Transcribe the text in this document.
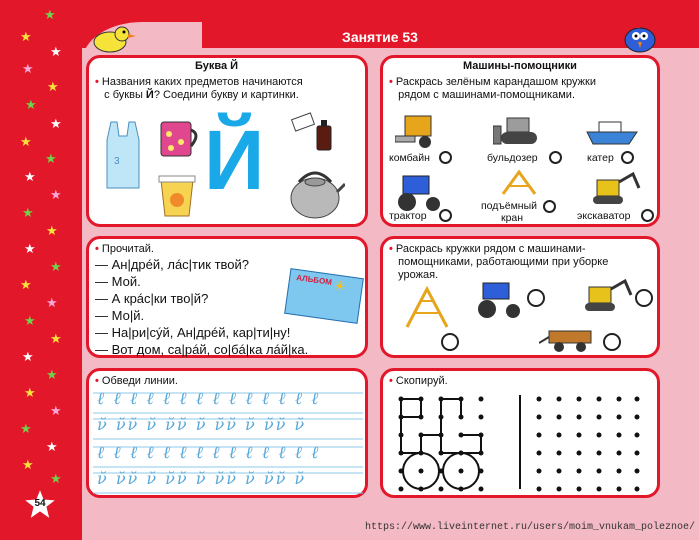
★
★
★
★
★
★
★
★
★
★
★
★
★
★
★
★
★
★
★
★
★
★
★
★
★
★
★
Занятие 53
Буква Й
• Названия каких предметов начинаются
с буквы Й? Соедини букву и картинки.
Й
3
Машины-помощники
• Раскрась зелёным карандашом кружки
рядом с машинами-помощниками.
комбайн	бульдозер	катер
трактор
подъёмный
кран	экскаватор
• Прочитай.
— Ан|дрéй, лáс|тик твой?
— Мой.
— А крáс|ки тво|й?
— Мо|й.
— На|ри|сýй, Ан|дрéй, кар|ти|ну!
— Вот дом, са|рáй, со|бá|ка лáй|ка.
АЛЬБОМ ☀
• Раскрась кружки рядом с машинами-
помощниками, работающими при уборке
урожая.
• Обведи линии.
ℓ ℓ ℓ ℓ ℓ ℓ ℓ ℓ ℓ ℓ ℓ ℓ ℓ ℓ
ν̆ ν̆ν̆ ν̆ ν̆ν̆ ν̆ ν̆ν̆ ν̆ ν̆ν̆ ν̆
ℓ ℓ ℓ ℓ ℓ ℓ ℓ ℓ ℓ ℓ ℓ ℓ ℓ ℓ
ν̆ ν̆ν̆ ν̆ ν̆ν̆ ν̆ ν̆ν̆ ν̆ ν̆ν̆ ν̆
• Скопируй.
54
https://www.liveinternet.ru/users/moim_vnukam_poleznoe/
